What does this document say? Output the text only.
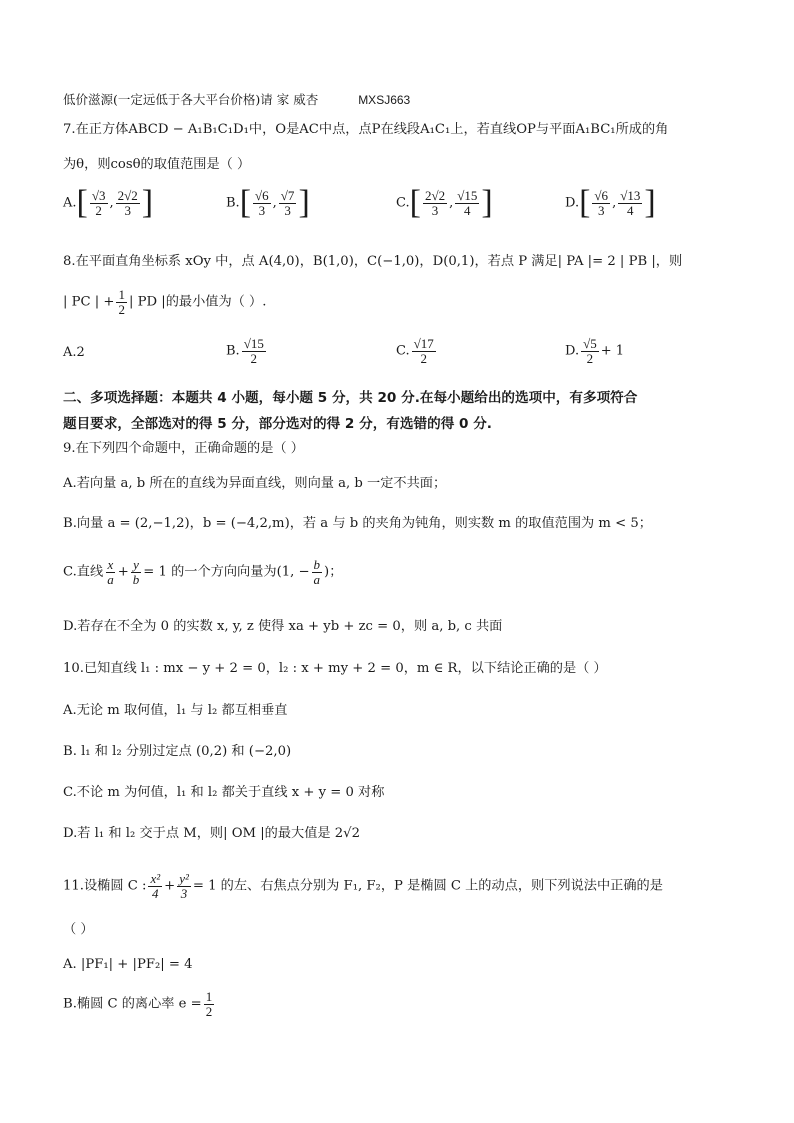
低价滋源(一定远低于各大平台价格)请 家 威杏	MXSJ663
7.在正方体ABCD − A₁B₁C₁D₁中，O是AC中点，点P在线段A₁C₁上，若直线OP与平面A₁BC₁所成的角
为θ，则cosθ的取值范围是（ ）
$A.[ \frac{√3}{2}$ , $\frac{2√2}{3}$ ]	$B.[ \frac{√6}{3}$ , $\frac{√7}{3}$ ]	$C.[ \frac{2√2}{3}$ , $\frac{√15}{4}$ ]	$D.[ \frac{√6}{3}$ , $\frac{√13}{4}$ ]
8.在平面直角坐标系 xOy 中，点 A(4,0)，B(1,0)，C(−1,0)，D(0,1)，若点 P 满足| PA |= 2 | PB |，则
| PC | + $\frac{1}{2}$ | PD |的最小值为（ ）.
A.2	B. $\frac{√15}{2}$	C. $\frac{√17}{2}$	D. $\frac{√5}{2} + 1$
二、多项选择题：本题共 4 小题，每小题 5 分，共 20 分.在每小题给出的选项中，有多项符合
题目要求，全部选对的得 5 分，部分选对的得 2 分，有选错的得 0 分.
9.在下列四个命题中，正确命题的是（ ）
A.若向量 a, b 所在的直线为异面直线，则向量 a, b 一定不共面；
B.向量 a = (2,−1,2)，b = (−4,2,m)，若 a 与 b 的夹角为钝角，则实数 m 的取值范围为 m < 5；
C.直线 $\frac{x}{a} + \frac{y}{b} = 1$ 的一个方向向量为(1, − $\frac{b}{a}$ )；
D.若存在不全为 0 的实数 x, y, z 使得 xa + yb + zc = 0，则 a, b, c 共面
10.已知直线 l₁ : mx − y + 2 = 0，l₂ : x + my + 2 = 0，m ∈ R，以下结论正确的是（ ）
A.无论 m 取何值，l₁ 与 l₂ 都互相垂直
B. l₁ 和 l₂ 分别过定点 (0,2) 和 (−2,0)
C.不论 m 为何值，l₁ 和 l₂ 都关于直线 x + y = 0 对称
D.若 l₁ 和 l₂ 交于点 M，则| OM |的最大值是 2√2
11.设椭圆 C : $\frac{\text{x²}}{4} + \frac{\text{y²}}{3} = 1$ 的左、右焦点分别为 F₁, F₂，P 是椭圆 C 上的动点，则下列说法中正确的是
（ ）
A. |PF₁| + |PF₂| = 4
B.椭圆 C 的离心率 $e = \frac{1}{2}$
